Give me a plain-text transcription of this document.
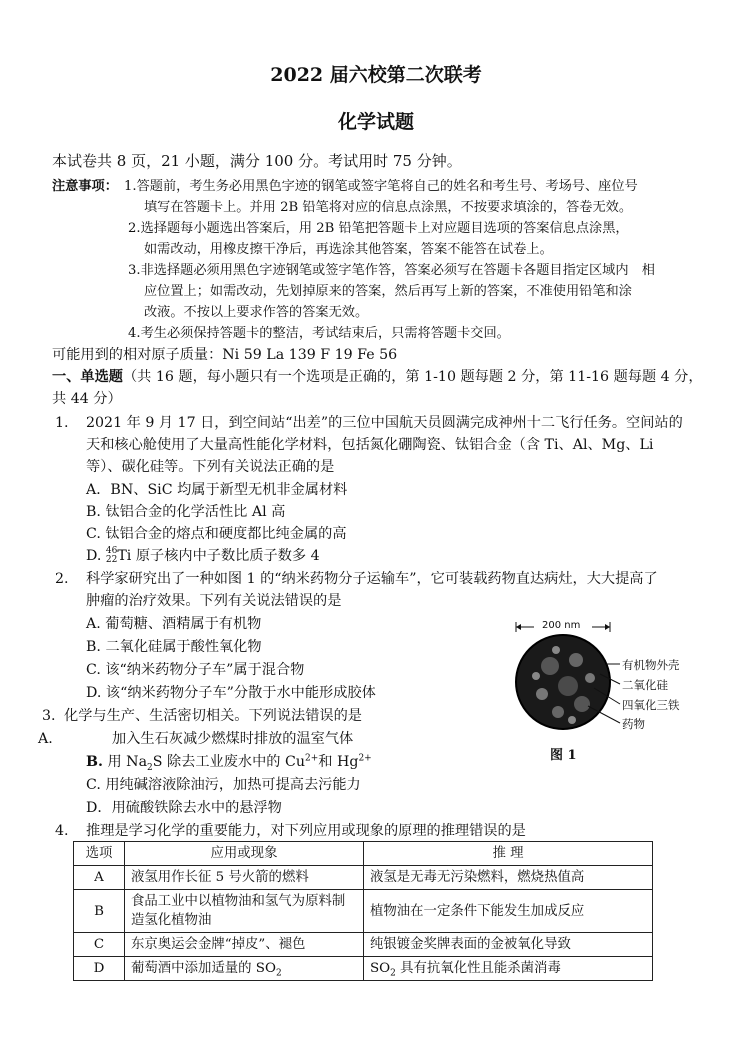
2022 届六校第二次联考
化学试题
本试卷共 8 页，21 小题，满分 100 分。考试用时 75 分钟。
注意事项： 1.答题前，考生务必用黑色字迹的钢笔或签字笔将自己的姓名和考生号、考场号、座位号
填写在答题卡上。并用 2B 铅笔将对应的信息点涂黑，不按要求填涂的，答卷无效。
2.选择题每小题选出答案后，用 2B 铅笔把答题卡上对应题目选项的答案信息点涂黑，
如需改动，用橡皮擦干净后，再选涂其他答案，答案不能答在试卷上。
3.非选择题必须用黑色字迹钢笔或签字笔作答，答案必须写在答题卡各题目指定区域内　相
应位置上；如需改动，先划掉原来的答案，然后再写上新的答案，不准使用铅笔和涂
改液。不按以上要求作答的答案无效。
4.考生必须保持答题卡的整洁，考试结束后，只需将答题卡交回。
可能用到的相对原子质量：Ni 59 La 139 F 19 Fe 56
一、单选题（共 16 题，每小题只有一个选项是正确的，第 1-10 题每题 2 分，第 11-16 题每题 4 分，
共 44 分）
1. 2021 年 9 月 17 日，到空间站“出差”的三位中国航天员圆满完成神州十二飞行任务。空间站的
天和核心舱使用了大量高性能化学材料，包括氮化硼陶瓷、钛铝合金（含 Ti、Al、Mg、Li
等）、碳化硅等。下列有关说法正确的是
A．BN、SiC 均属于新型无机非金属材料
B. 钛铝合金的化学活性比 Al 高
C. 钛铝合金的熔点和硬度都比纯金属的高
D. 46
22 Ti 原子核内中子数比质子数多 4
2. 科学家研究出了一种如图 1 的“纳米药物分子运输车”，它可装载药物直达病灶，大大提高了
肿瘤的治疗效果。下列有关说法错误的是
A. 葡萄糖、酒精属于有机物
B. 二氧化硅属于酸性氧化物
C. 该“纳米药物分子车”属于混合物
D. 该“纳米药物分子车”分散于水中能形成胶体
200 nm
有机物外壳
二氧化硅
四氧化三铁
药物
图 1
3. 化学与生产、生活密切相关。下列说法错误的是
A.	加入生石灰减少燃煤时排放的温室气体
B. 用 $Na_2S$ 除去工业废水中的 $Cu^{2+}$和 $Hg^{2+}$
C. 用纯碱溶液除油污，加热可提高去污能力
D．用硫酸铁除去水中的悬浮物
4. 推理是学习化学的重要能力，对下列应用或现象的原理的推理错误的是
选项	应用或现象	推 理
A	液氢用作长征 5 号火箭的燃料	液氢是无毒无污染燃料，燃烧热值高
B	食品工业中以植物油和氢气为原料制造氢化植物油	植物油在一定条件下能发生加成反应
C	东京奥运会金牌“掉皮”、褪色	纯银镀金奖牌表面的金被氧化导致
D	葡萄酒中添加适量的 $SO_2$	$SO_2$ 具有抗氧化性且能杀菌消毒
